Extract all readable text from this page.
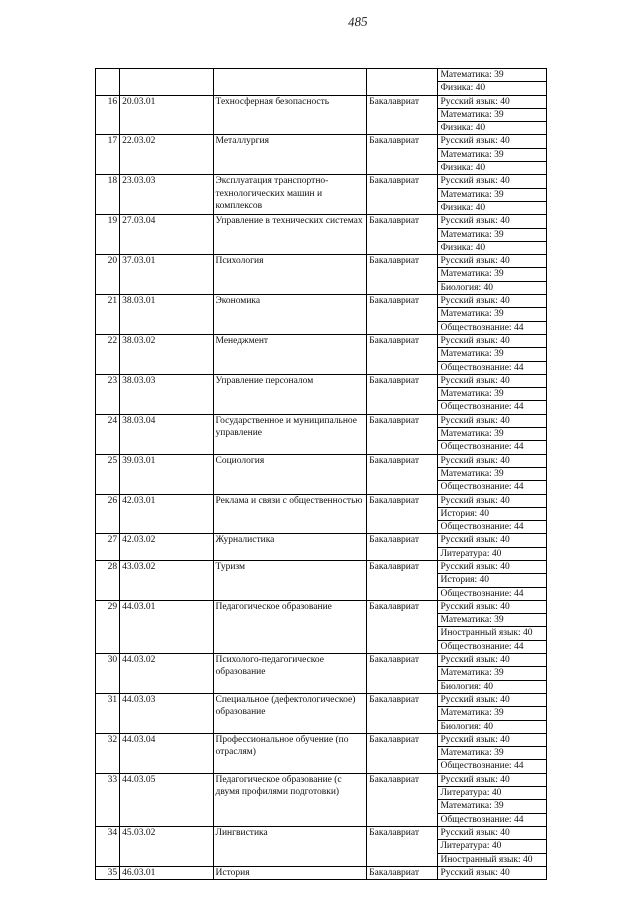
485
				Математика: 39
				Физика: 40
16	20.03.01	Техносферная безопасность	Бакалавриат	Русский язык: 40
				Математика: 39
				Физика: 40
17	22.03.02	Металлургия	Бакалавриат	Русский язык: 40
				Математика: 39
				Физика: 40
18	23.03.03	Эксплуатация транспортно-технологических машин и комплексов	Бакалавриат	Русский язык: 40
				Математика: 39
				Физика: 40
19	27.03.04	Управление в технических системах	Бакалавриат	Русский язык: 40
				Математика: 39
				Физика: 40
20	37.03.01	Психология	Бакалавриат	Русский язык: 40
				Математика: 39
				Биология: 40
21	38.03.01	Экономика	Бакалавриат	Русский язык: 40
				Математика: 39
				Обществознание: 44
22	38.03.02	Менеджмент	Бакалавриат	Русский язык: 40
				Математика: 39
				Обществознание: 44
23	38.03.03	Управление персоналом	Бакалавриат	Русский язык: 40
				Математика: 39
				Обществознание: 44
24	38.03.04	Государственное и муниципальное управление	Бакалавриат	Русский язык: 40
				Математика: 39
				Обществознание: 44
25	39.03.01	Социология	Бакалавриат	Русский язык: 40
				Математика: 39
				Обществознание: 44
26	42.03.01	Реклама и связи с общественностью	Бакалавриат	Русский язык: 40
				История: 40
				Обществознание: 44
27	42.03.02	Журналистика	Бакалавриат	Русский язык: 40
				Литература: 40
28	43.03.02	Туризм	Бакалавриат	Русский язык: 40
				История: 40
				Обществознание: 44
29	44.03.01	Педагогическое образование	Бакалавриат	Русский язык: 40
				Математика: 39
				Иностранный язык: 40
				Обществознание: 44
30	44.03.02	Психолого-педагогическое образование	Бакалавриат	Русский язык: 40
				Математика: 39
				Биология: 40
31	44.03.03	Специальное (дефектологическое) образование	Бакалавриат	Русский язык: 40
				Математика: 39
				Биология: 40
32	44.03.04	Профессиональное обучение (по отраслям)	Бакалавриат	Русский язык: 40
				Математика: 39
				Обществознание: 44
33	44.03.05	Педагогическое образование (с двумя профилями подготовки)	Бакалавриат	Русский язык: 40
				Литература: 40
				Математика: 39
				Обществознание: 44
34	45.03.02	Лингвистика	Бакалавриат	Русский язык: 40
				Литература: 40
				Иностранный язык: 40
35	46.03.01	История	Бакалавриат	Русский язык: 40
